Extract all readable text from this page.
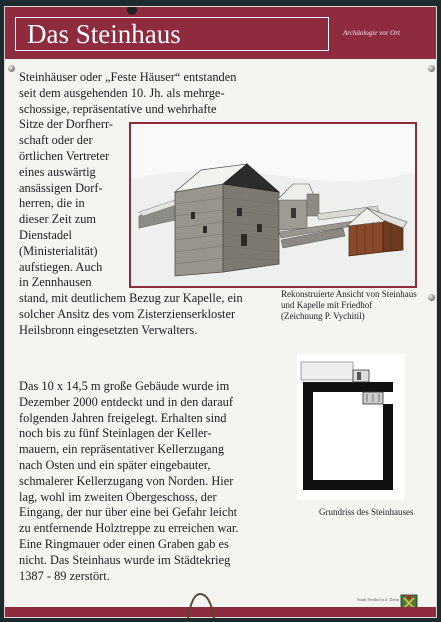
Das Steinhaus	Archäologie vor Ort
Steinhäuser oder „Feste Häuser“ entstanden
seit dem ausgehenden 10. Jh. als mehrge-
schossige, repräsentative und wehrhafte
Sitze der Dorfherr-
schaft oder der
örtlichen Vertreter
eines auswärtig
ansässigen Dorf-
herren, die in
dieser Zeit zum
Dienstadel
(Ministerialität)
aufstiegen. Auch
in Zennhausen
stand, mit deutlichem Bezug zur Kapelle, ein
solcher Ansitz des vom Zisterzienserkloster
Heilsbronn eingesetzten Verwalters.
Rekonstruierte Ansicht von Steinhaus
und Kapelle mit Friedhof
(Zeichnung P. Vychitil)
Das 10 x 14,5 m große Gebäude wurde im
Dezember 2000 entdeckt und in den darauf
folgenden Jahren freigelegt. Erhalten sind
noch bis zu fünf Steinlagen der Keller-
mauern, ein repräsentativer Kellerzugang
nach Osten und ein später eingebauter,
schmalerer Kellerzugang von Norden. Hier
lag, wohl im zweiten Obergeschoss, der
Eingang, der nur über eine bei Gefahr leicht
zu entfernende Holztreppe zu erreichen war.
Eine Ringmauer oder einen Graben gab es
nicht. Das Steinhaus wurde im Städtekrieg
1387 - 89 zerstört.
Grundriss des Steinhauses
Stadt Neuhof a.d. Zenn
